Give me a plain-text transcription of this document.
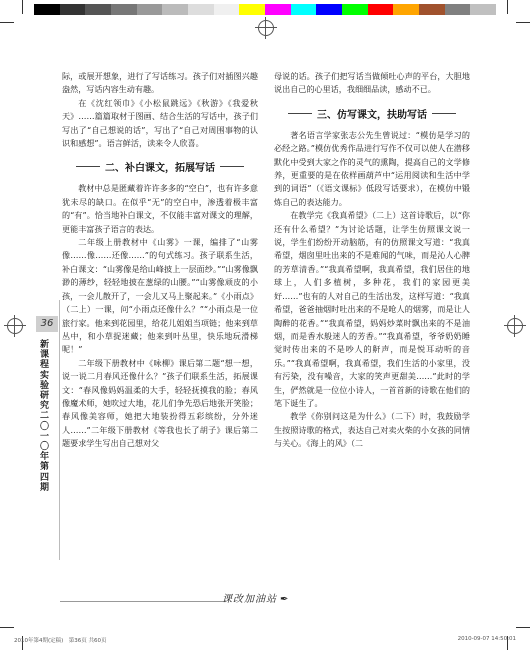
36
新课程实验研究二〇一〇年第四期

际，或展开想象，进行了写话练习。孩子们对插图兴趣盎然，写话内容生动有趣。

在《沈红领巾》《小松鼠跳远》《秋游》《我爱秋天》……篇篇取材于图画、结合生活的写话中，孩子们写出了“自己想说的话”，写出了“自己对周围事物的认识和感想”。语言鲜活，读来令人欣喜。

二、补白课文，拓展写话

教材中总是匿藏着许许多多的“空白”，也有许多意犹未尽的缺口。在似乎“无”的空白中，渗透着极丰富的“有”。恰当地补白课文，不仅能丰富对课文的理解，更能丰富孩子语言的表达。

二年级上册教材中《山雾》一课，编排了“山雾像……像……还像……”的句式练习。孩子联系生活，补白课文：“山雾像是给山峰披上一层面纱。”“山雾像飘渺的薄纱，轻轻地披在葱绿的山腰。”“山雾像顽皮的小孩，一会儿散开了，一会儿又马上聚起来。”《小雨点》（二上）一课，问“小雨点还像什么？”“小雨点是一位旅行家。他来到花园里，给花儿姐姐当项链；他来到草丛中，和小草捉迷藏；他来到叶丛里，快乐地玩滑梯呢！”

二年级下册教材中《咏柳》课后第二题“想一想，说一说二月春风还像什么？”孩子们联系生活，拓展课文：“春风像妈妈温柔的大手，轻轻抚摸我的脸；春风像魔术师，她吹过大地，花儿们争先恐后地张开笑脸；春风像美容师，她把大地装扮得五彩缤纷，分外迷人……”二年级下册教材《等我也长了胡子》课后第二题要求学生写出自己想对父

母说的话。孩子们把写话当做倾吐心声的平台，大胆地说出自己的心里话，我细细品读，感动不已。

三、仿写课文，扶助写话

著名语言学家张志公先生曾说过：“模仿是学习的必经之路。”模仿优秀作品进行写作不仅可以使人在潜移默化中受到大家之作的灵气的熏陶，提高自己的文学修养，更重要的是在依样画葫芦中“运用阅读和生活中学到的词语”（《语文课标》低段写话要求），在模仿中锻炼自己的表达能力。

在教学完《我真希望》（二上）这首诗歌后，以“你还有什么希望？”为讨论话题，让学生仿照课文说一说，学生们纷纷开动脑筋，有的仿照课文写道：“我真希望，烟囱里吐出来的不是难闻的气味，而是沁人心脾的芳草清香。”“我真希望啊，我真希望，我们居住的地球上，人们多植树，多种花，我们的家园更美好……”也有的人对自己的生活出发，这样写道：“我真希望，爸爸抽烟时吐出来的不是呛人的烟雾，而是让人陶醉的花香。”“我真希望，妈妈炒菜时飘出来的不是油烟，而是香水般迷人的芳香。”“我真希望，爷爷奶奶睡觉时传出来的不是吵人的鼾声，而是悦耳动听的音乐。”“我真希望啊，我真希望，我们生活的小家里，没有污染，没有噪音，大家的笑声更甜美……”此时的学生，俨然就是一位位小诗人，一首首新的诗歌在他们的笔下诞生了。

教学《你别问这是为什么》（二下）时，我鼓励学生按照诗歌的格式，表达自己对卖火柴的小女孩的同情与关心。《海上的风》（二

课改加油站 ✒
2010年第4期(定稿)　第36页 共60页	2010-09-07 14:50:01
